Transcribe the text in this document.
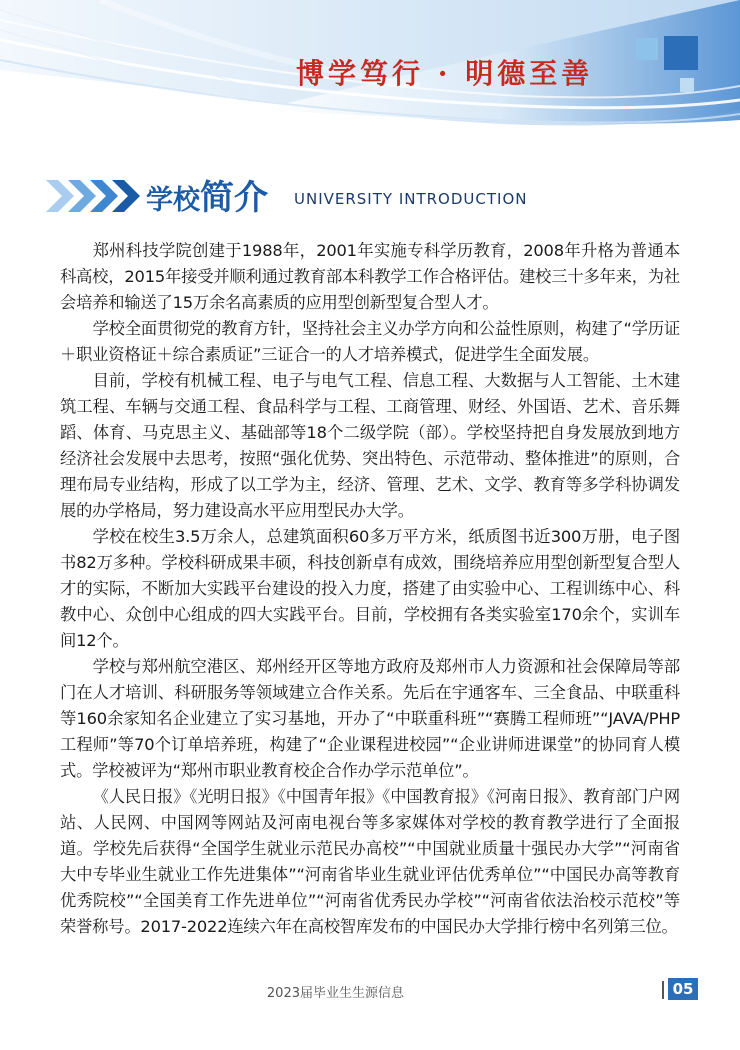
博学笃行 · 明德至善
学校简介 UNIVERSITY INTRODUCTION

郑州科技学院创建于1988年，2001年实施专科学历教育，2008年升格为普通本科高校，2015年接受并顺利通过教育部本科教学工作合格评估。建校三十多年来，为社会培养和输送了15万余名高素质的应用型创新型复合型人才。

学校全面贯彻党的教育方针，坚持社会主义办学方向和公益性原则，构建了“学历证＋职业资格证＋综合素质证”三证合一的人才培养模式，促进学生全面发展。

目前，学校有机械工程、电子与电气工程、信息工程、大数据与人工智能、土木建筑工程、车辆与交通工程、食品科学与工程、工商管理、财经、外国语、艺术、音乐舞蹈、体育、马克思主义、基础部等18个二级学院（部）。学校坚持把自身发展放到地方经济社会发展中去思考，按照“强化优势、突出特色、示范带动、整体推进”的原则，合理布局专业结构，形成了以工学为主，经济、管理、艺术、文学、教育等多学科协调发展的办学格局，努力建设高水平应用型民办大学。

学校在校生3.5万余人，总建筑面积60多万平方米，纸质图书近300万册，电子图书82万多种。学校科研成果丰硕，科技创新卓有成效，围绕培养应用型创新型复合型人才的实际，不断加大实践平台建设的投入力度，搭建了由实验中心、工程训练中心、科教中心、众创中心组成的四大实践平台。目前，学校拥有各类实验室170余个，实训车间12个。

学校与郑州航空港区、郑州经开区等地方政府及郑州市人力资源和社会保障局等部门在人才培训、科研服务等领域建立合作关系。先后在宇通客车、三全食品、中联重科等160余家知名企业建立了实习基地，开办了“中联重科班”“赛腾工程师班”“JAVA/PHP工程师”等70个订单培养班，构建了“企业课程进校园”“企业讲师进课堂”的协同育人模式。学校被评为“郑州市职业教育校企合作办学示范单位”。

《人民日报》《光明日报》《中国青年报》《中国教育报》《河南日报》、教育部门户网站、人民网、中国网等网站及河南电视台等多家媒体对学校的教育教学进行了全面报道。学校先后获得“全国学生就业示范民办高校”“中国就业质量十强民办大学”“河南省大中专毕业生就业工作先进集体”“河南省毕业生就业评估优秀单位”“中国民办高等教育优秀院校”“全国美育工作先进单位”“河南省优秀民办学校”“河南省依法治校示范校”等荣誉称号。2017-2022连续六年在高校智库发布的中国民办大学排行榜中名列第三位。

2023届毕业生生源信息	05
